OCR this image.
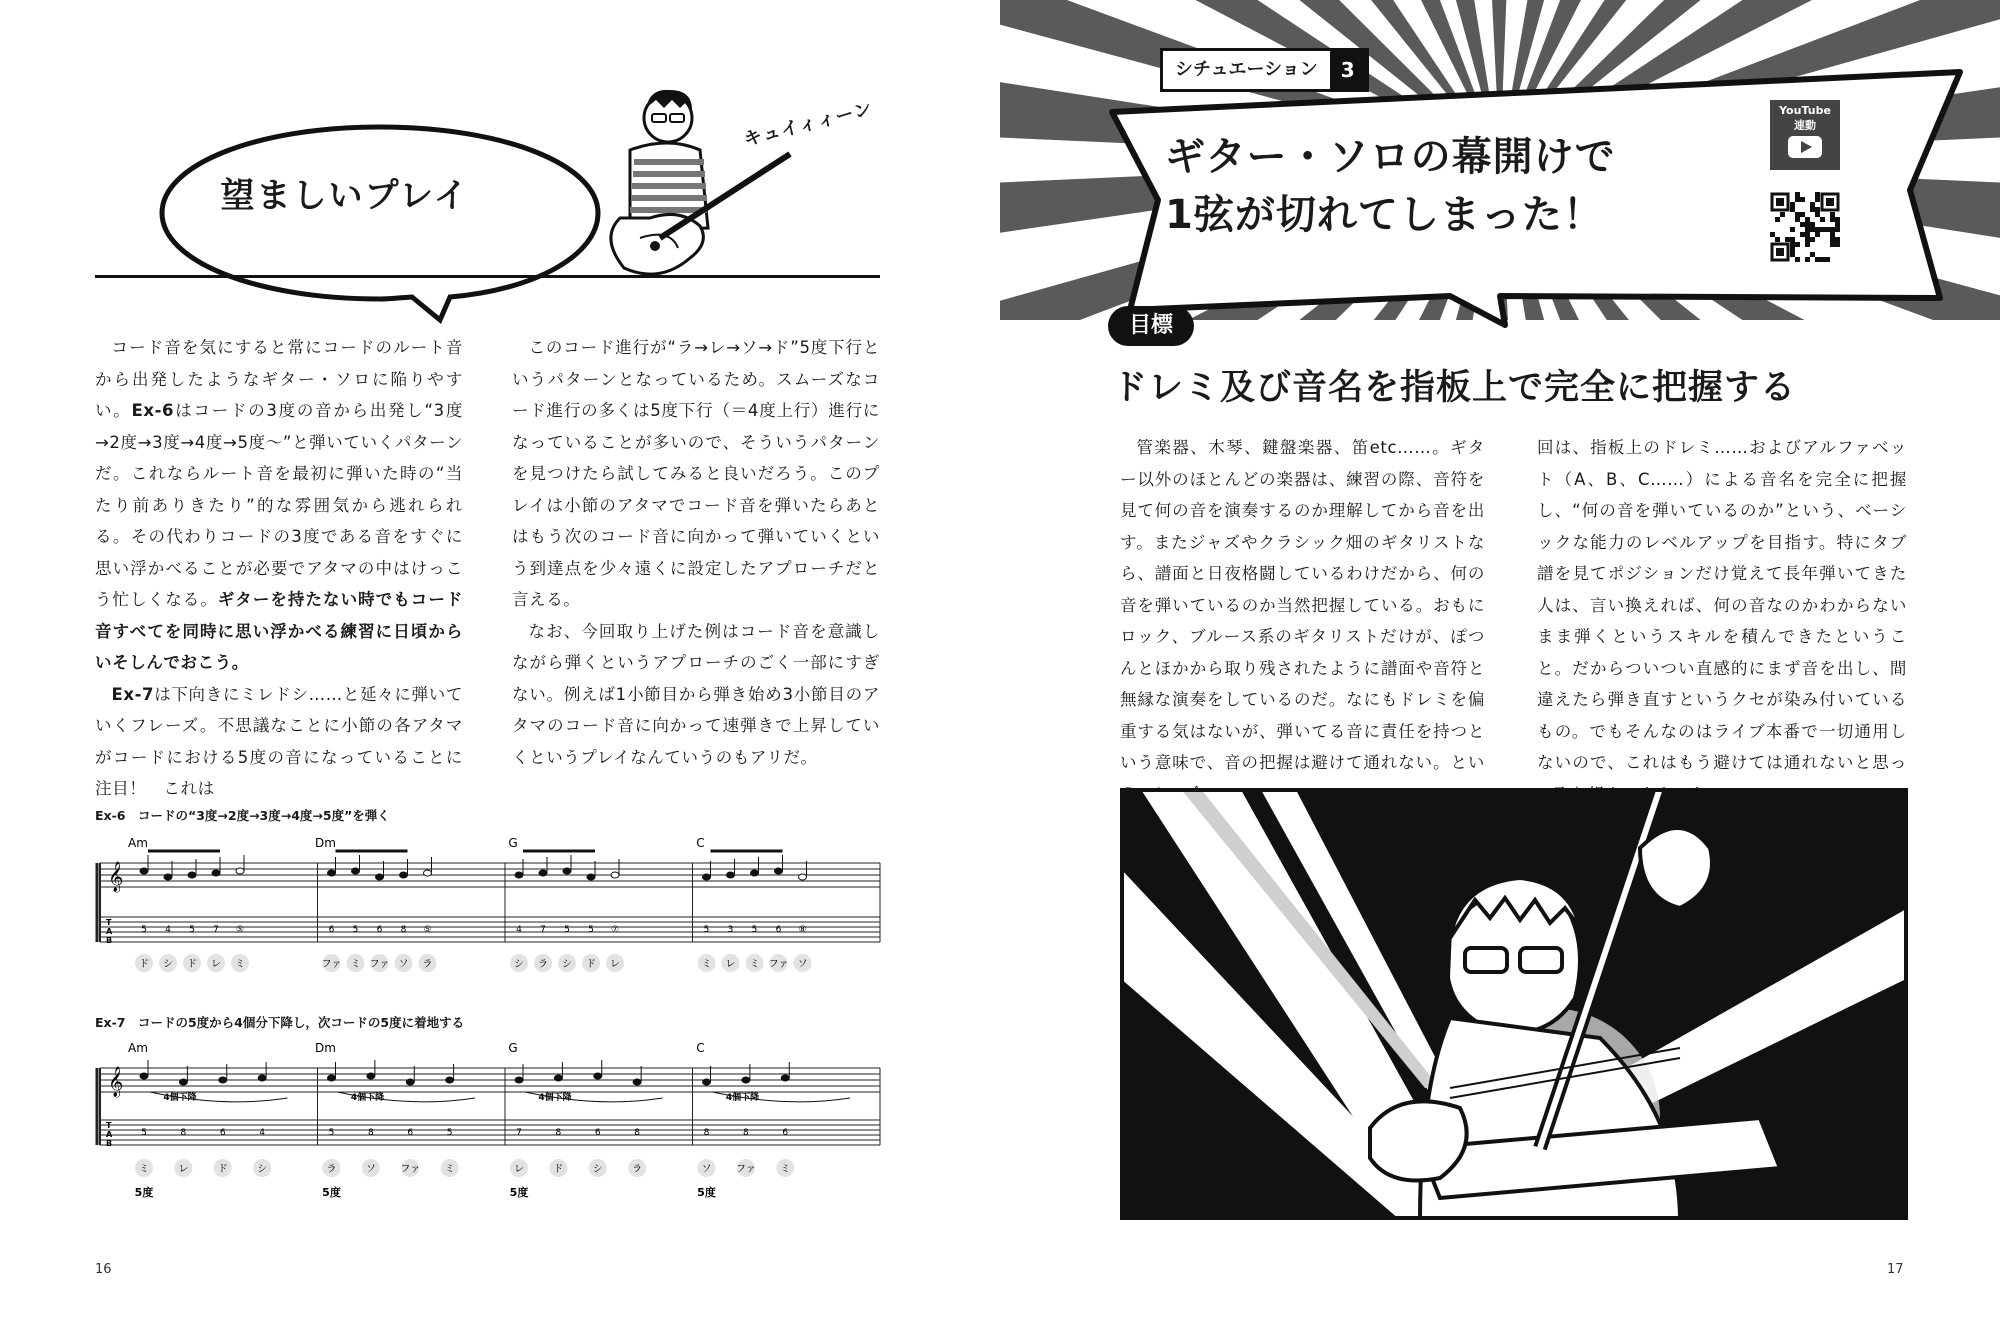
望ましいプレイ
キュイィィーン

コード音を気にすると常にコードのルート音から出発したようなギター・ソロに陥りやすい。Ex-6はコードの3度の音から出発し“3度→2度→3度→4度→5度～”と弾いていくパターンだ。これならルート音を最初に弾いた時の“当たり前ありきたり”的な雰囲気から逃れられる。その代わりコードの3度である音をすぐに思い浮かべることが必要でアタマの中はけっこう忙しくなる。ギターを持たない時でもコード音すべてを同時に思い浮かべる練習に日頃からいそしんでおこう。

Ex-7は下向きにミレドシ……と延々に弾いていくフレーズ。不思議なことに小節の各アタマがコードにおける5度の音になっていることに注目！　これは

このコード進行が“ラ→レ→ソ→ド”5度下行というパターンとなっているため。スムーズなコード進行の多くは5度下行（＝4度上行）進行になっていることが多いので、そういうパターンを見つけたら試してみると良いだろう。このプレイは小節のアタマでコード音を弾いたらあとはもう次のコード音に向かって弾いていくという到達点を少々遠くに設定したアプローチだと言える。

なお、今回取り上げた例はコード音を意識しながら弾くというアプローチのごく一部にすぎない。例えば1小節目から弾き始め3小節目のアタマのコード音に向かって速弾きで上昇していくというプレイなんていうのもアリだ。

Ex-6　コードの“3度→2度→3度→4度→5度”を弾く
𝄞
T
A
B
Am
5
ド
4
シ
5
ド
7
レ
⑤
ミ
Dm
6
ファ
5
ミ
6
ファ
8
ソ
⑤
ラ
G
4
シ
7
ラ
5
シ
5
ド
⑦
レ
C
5
ミ
3
レ
5
ミ
6
ファ
⑧
ソ
Ex-7　コードの5度から4個分下降し，次コードの5度に着地する
𝄞
T
A
B
Am
5
ミ
8
レ
6
ド
4
シ
4個下降
5度
Dm
5
ラ
8
ソ
6
ファ
5
ミ
4個下降
5度
G
7
レ
8
ド
6
シ
8
ラ
4個下降
5度
C
8
ソ
8
ファ
6
ミ
4個下降
5度
16
シチュエーション	3
ギター・ソロの幕開けで
1弦が切れてしまった！
YouTube
連動
目標
ドレミ及び音名を指板上で完全に把握する
管楽器、木琴、鍵盤楽器、笛etc……。ギター以外のほとんどの楽器は、練習の際、音符を見て何の音を演奏するのか理解してから音を出す。またジャズやクラシック畑のギタリストなら、譜面と日夜格闘しているわけだから、何の音を弾いているのか当然把握している。おもにロック、ブルース系のギタリストだけが、ぽつんとほかから取り残されたように譜面や音符と無縁な演奏をしているのだ。なにもドレミを偏重する気はないが、弾いてる音に責任を持つという意味で、音の把握は避けて通れない。とい
回は、指板上のドレミ……およびアルファベット（A、B、C……）による音名を完全に把握し、“何の音を弾いているのか”という、ベーシックな能力のレベルアップを目指す。特にタブ譜を見てポジションだけ覚えて長年弾いてきた人は、言い換えれば、何の音なのかわからないまま弾くというスキルを積んできたということ。だからついつい直感的にまず音を出し、間違えたら弾き直すというクセが染み付いているもの。でもそんなのはライブ本番で一切通用しないので、これはもう避けては通れないと思っ
17
